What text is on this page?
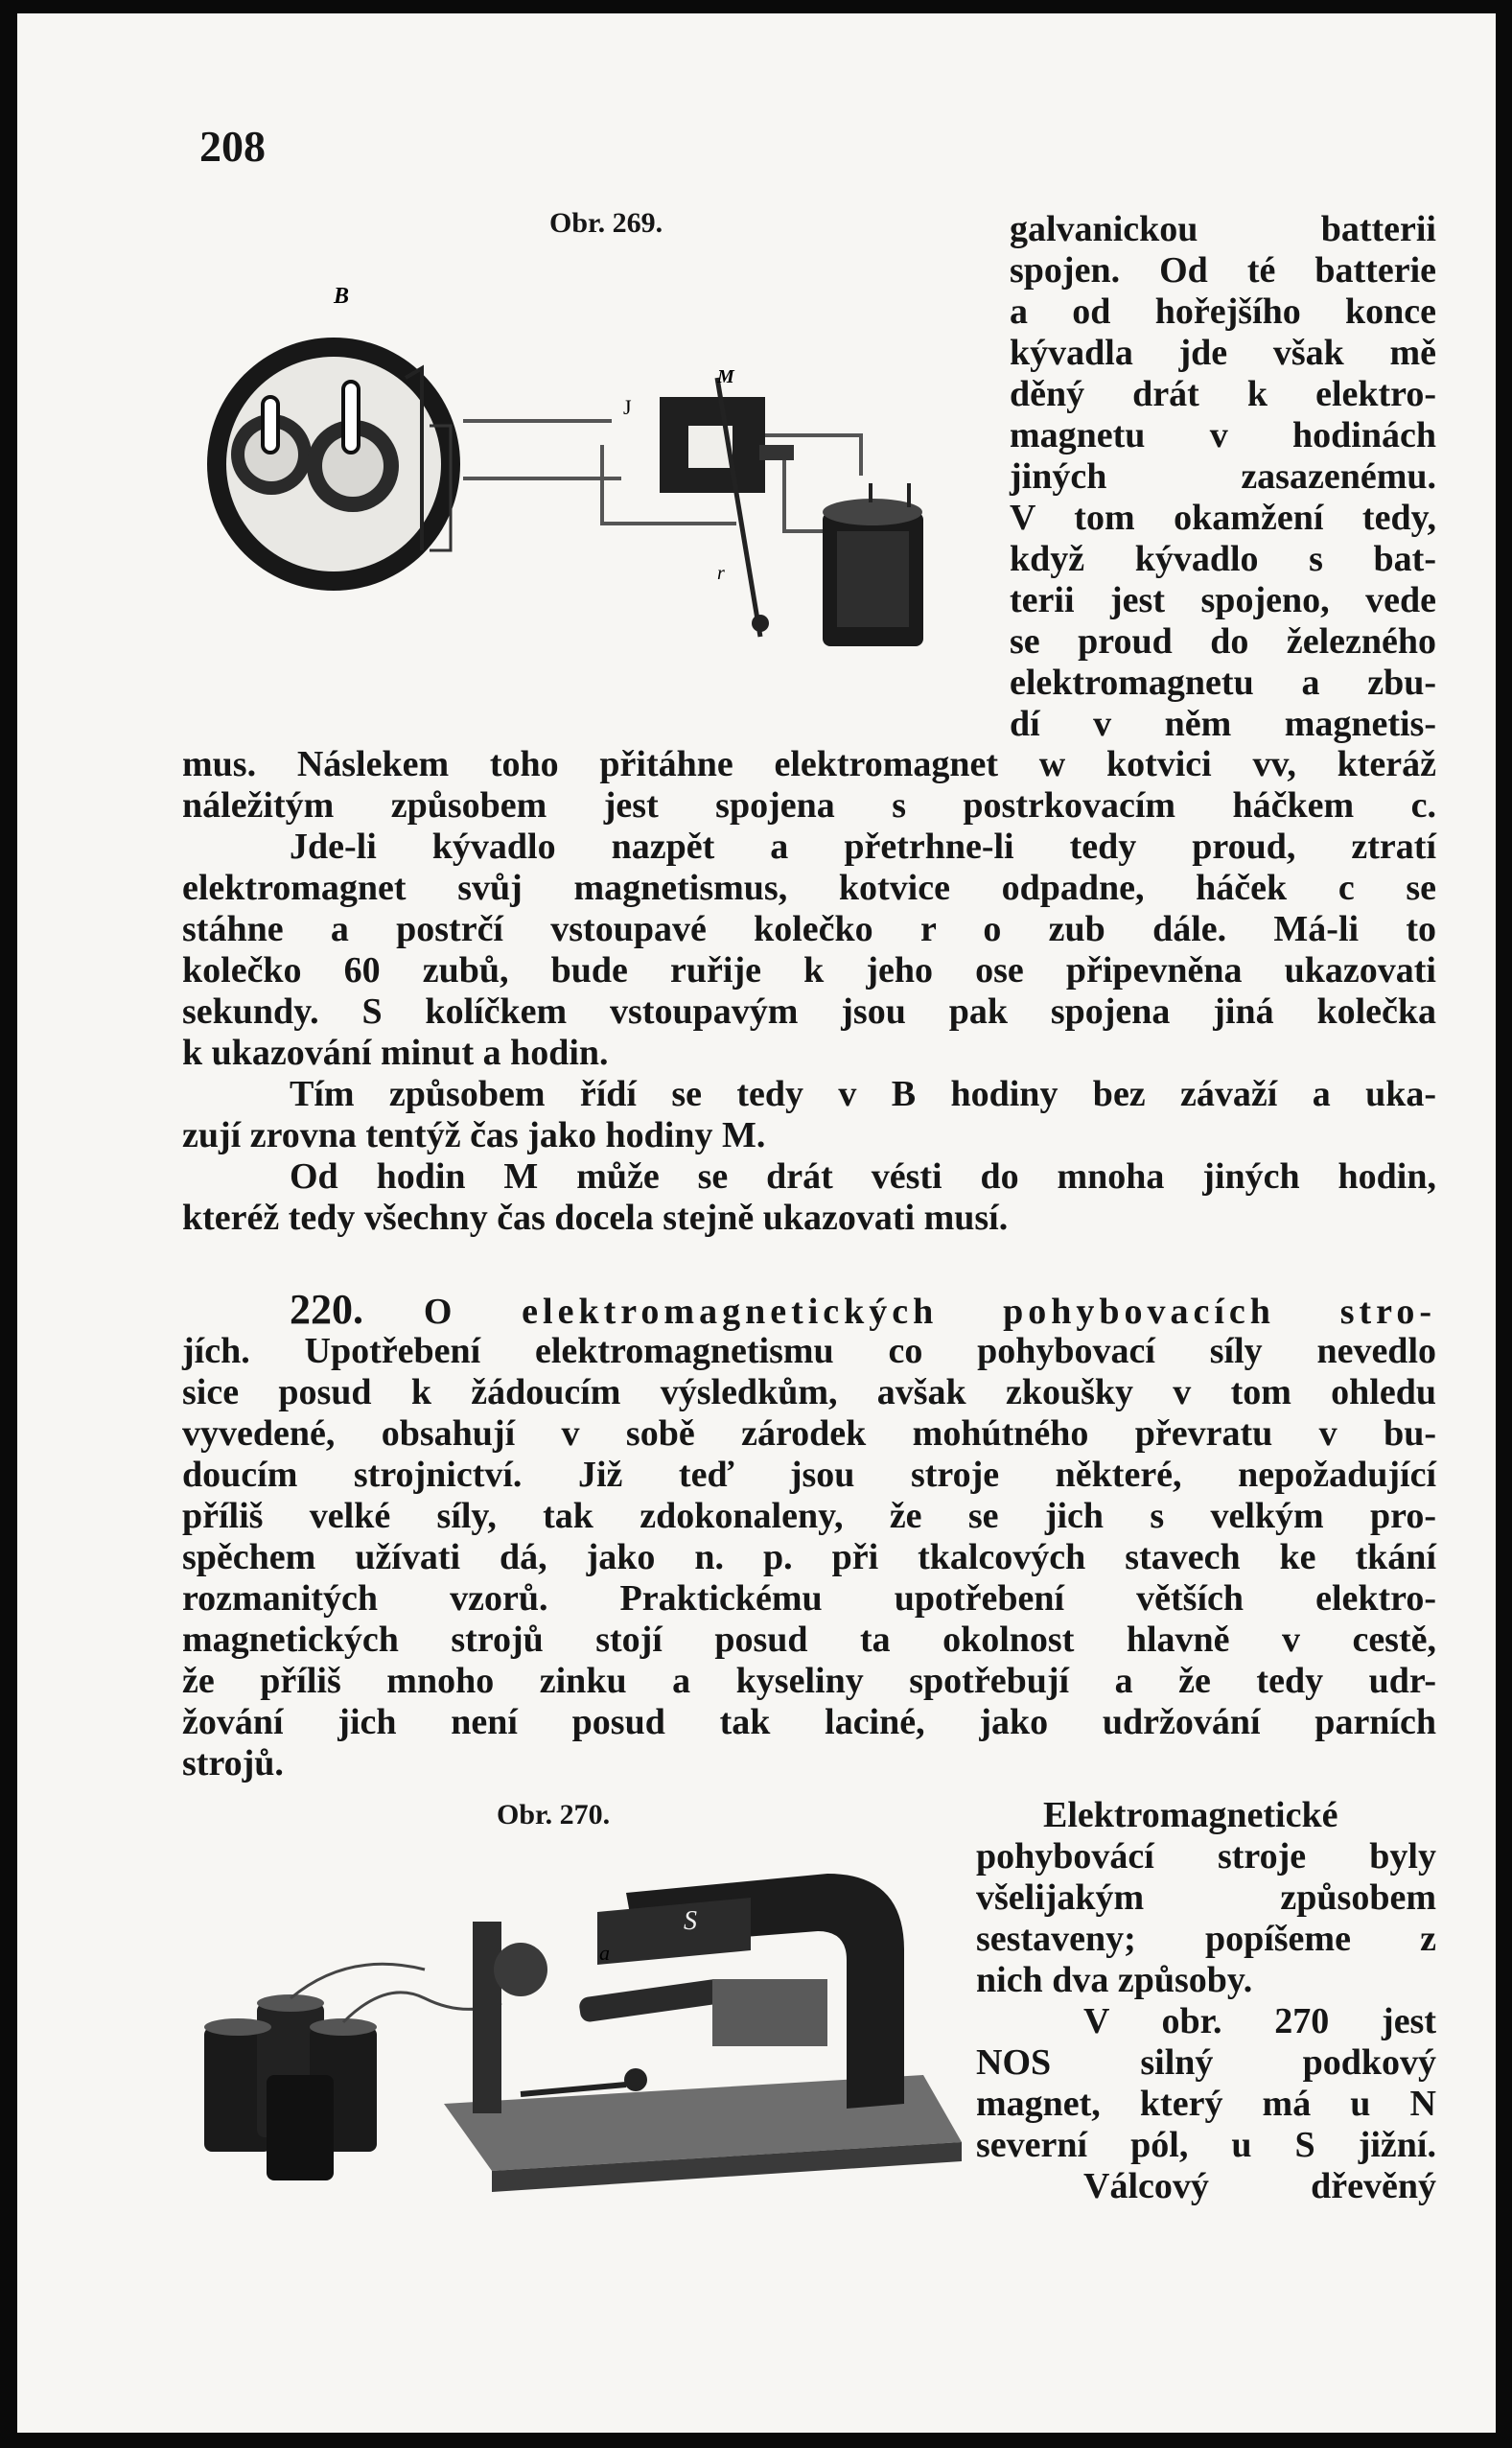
208
Obr. 269.
B
J
M
r
galvanickou batterii
spojen. Od té batterie
a od hořejšího konce
kývadla jde však mě
děný drát k elektro-
magnetu v hodinách
jiných zasazenému.
V tom okamžení tedy,
když kývadlo s bat-
terii jest spojeno, vede
se proud do železného
elektromagnetu a zbu-
dí v něm magnetis-
mus. Náslekem toho přitáhne elektromagnet w kotvici vv, kteráž
náležitým způsobem jest spojena s postrkovacím háčkem c.
Jde-li kývadlo nazpět a přetrhne-li tedy proud, ztratí
elektromagnet svůj magnetismus, kotvice odpadne, háček c se
stáhne a postrčí vstoupavé kolečko r o zub dále. Má-li to
kolečko 60 zubů, bude ruřije k jeho ose připevněna ukazovati
sekundy. S kolíčkem vstoupavým jsou pak spojena jiná kolečka
k ukazování minut a hodin.
Tím způsobem řídí se tedy v B hodiny bez závaží a uka-
zují zrovna tentýž čas jako hodiny M.
Od hodin M může se drát vésti do mnoha jiných hodin,
kteréž tedy všechny čas docela stejně ukazovati musí.
220. O elektromagnetických pohybovacích stro-
jích. Upotřebení elektromagnetismu co pohybovací síly nevedlo
sice posud k žádoucím výsledkům, avšak zkoušky v tom ohledu
vyvedené, obsahují v sobě zárodek mohútného převratu v bu-
doucím strojnictví. Již teď jsou stroje některé, nepožadující
příliš velké síly, tak zdokonaleny, že se jich s velkým pro-
spěchem užívati dá, jako n. p. při tkalcových stavech ke tkání
rozmanitých vzorů. Praktickému upotřebení větších elektro-
magnetických strojů stojí posud ta okolnost hlavně v cestě,
že příliš mnoho zinku a kyseliny spotřebují a že tedy udr-
žování jich není posud tak laciné, jako udržování parních
strojů.
Obr. 270.
S
a
Elektromagnetické
pohybovácí stroje byly
všelijakým způsobem
sestaveny; popíšeme z
nich dva způsoby.
V obr. 270 jest
NOS silný podkový
magnet, který má u N
severní pól, u S jižní.
Válcový dřevěný
